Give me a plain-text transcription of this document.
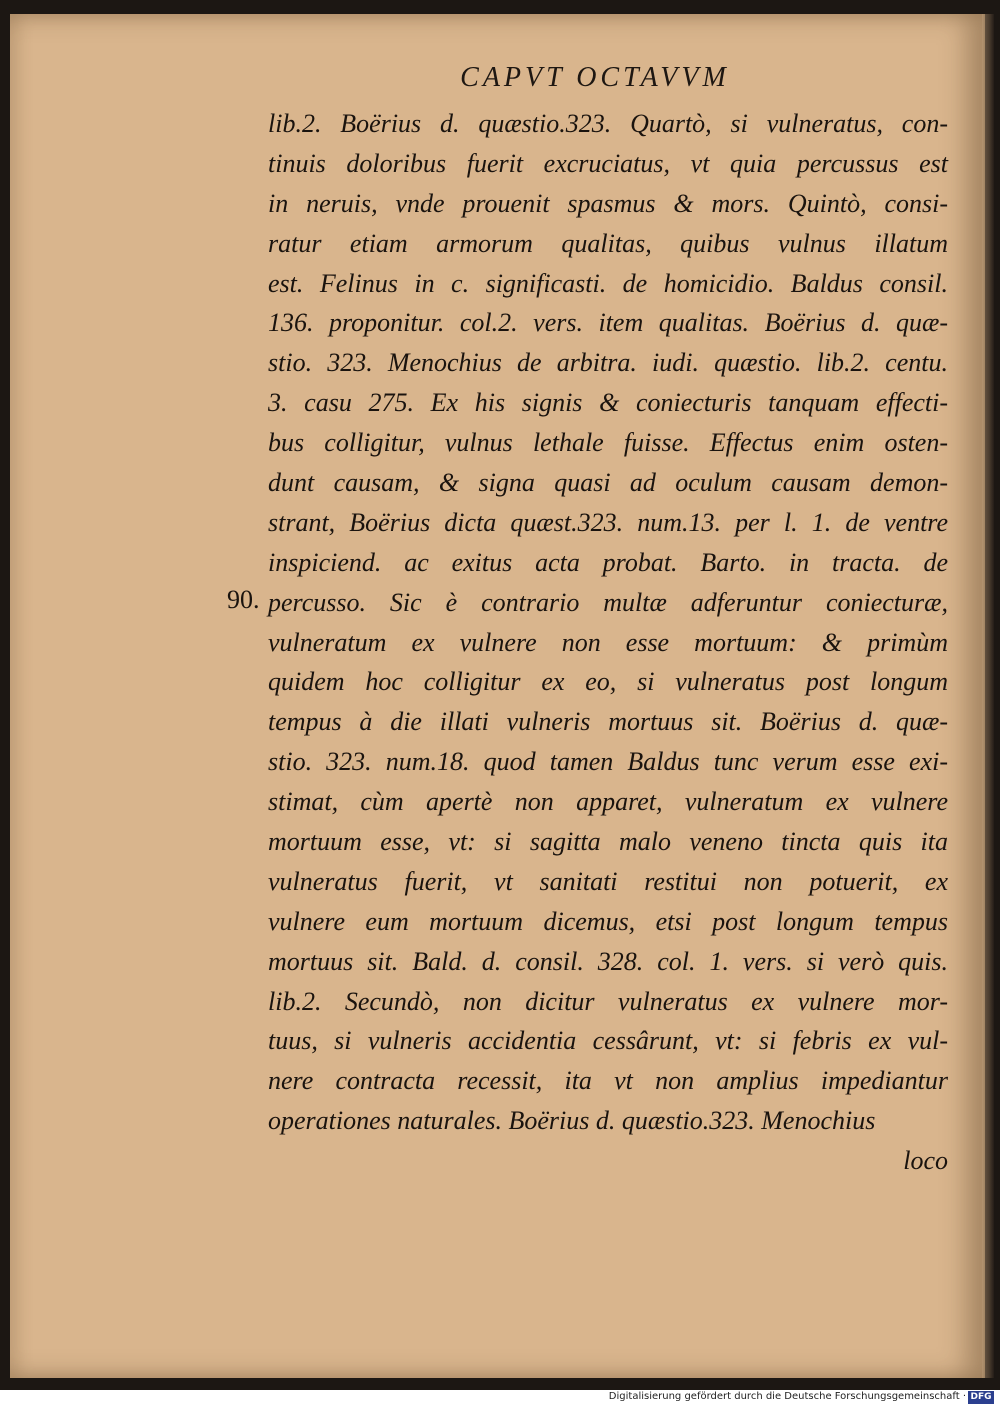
CAPVT OCTAVVM
90.
lib.2. Boërius d. quæstio.323. Quartò, si vulneratus, con-
tinuis doloribus fuerit excruciatus, vt quia percussus est
in neruis, vnde prouenit spasmus & mors. Quintò, consi-
ratur etiam armorum qualitas, quibus vulnus illatum
est. Felinus in c. significasti. de homicidio. Baldus consil.
136. proponitur. col.2. vers. item qualitas. Boërius d. quæ-
stio. 323. Menochius de arbitra. iudi. quæstio. lib.2. centu.
3. casu 275. Ex his signis & coniecturis tanquam effecti-
bus colligitur, vulnus lethale fuisse. Effectus enim osten-
dunt causam, & signa quasi ad oculum causam demon-
strant, Boërius dicta quæst.323. num.13. per l. 1. de ventre
inspiciend. ac exitus acta probat. Barto. in tracta. de
percusso. Sic è contrario multæ adferuntur coniecturæ,
vulneratum ex vulnere non esse mortuum: & primùm
quidem hoc colligitur ex eo, si vulneratus post longum
tempus à die illati vulneris mortuus sit. Boërius d. quæ-
stio. 323. num.18. quod tamen Baldus tunc verum esse exi-
stimat, cùm apertè non apparet, vulneratum ex vulnere
mortuum esse, vt: si sagitta malo veneno tincta quis ita
vulneratus fuerit, vt sanitati restitui non potuerit, ex
vulnere eum mortuum dicemus, etsi post longum tempus
mortuus sit. Bald. d. consil. 328. col. 1. vers. si verò quis.
lib.2. Secundò, non dicitur vulneratus ex vulnere mor-
tuus, si vulneris accidentia cessârunt, vt: si febris ex vul-
nere contracta recessit, ita vt non amplius impediantur
operationes naturales. Boërius d. quæstio.323. Menochius
loco
Digitalisierung gefördert durch die Deutsche Forschungsgemeinschaft · DFG
